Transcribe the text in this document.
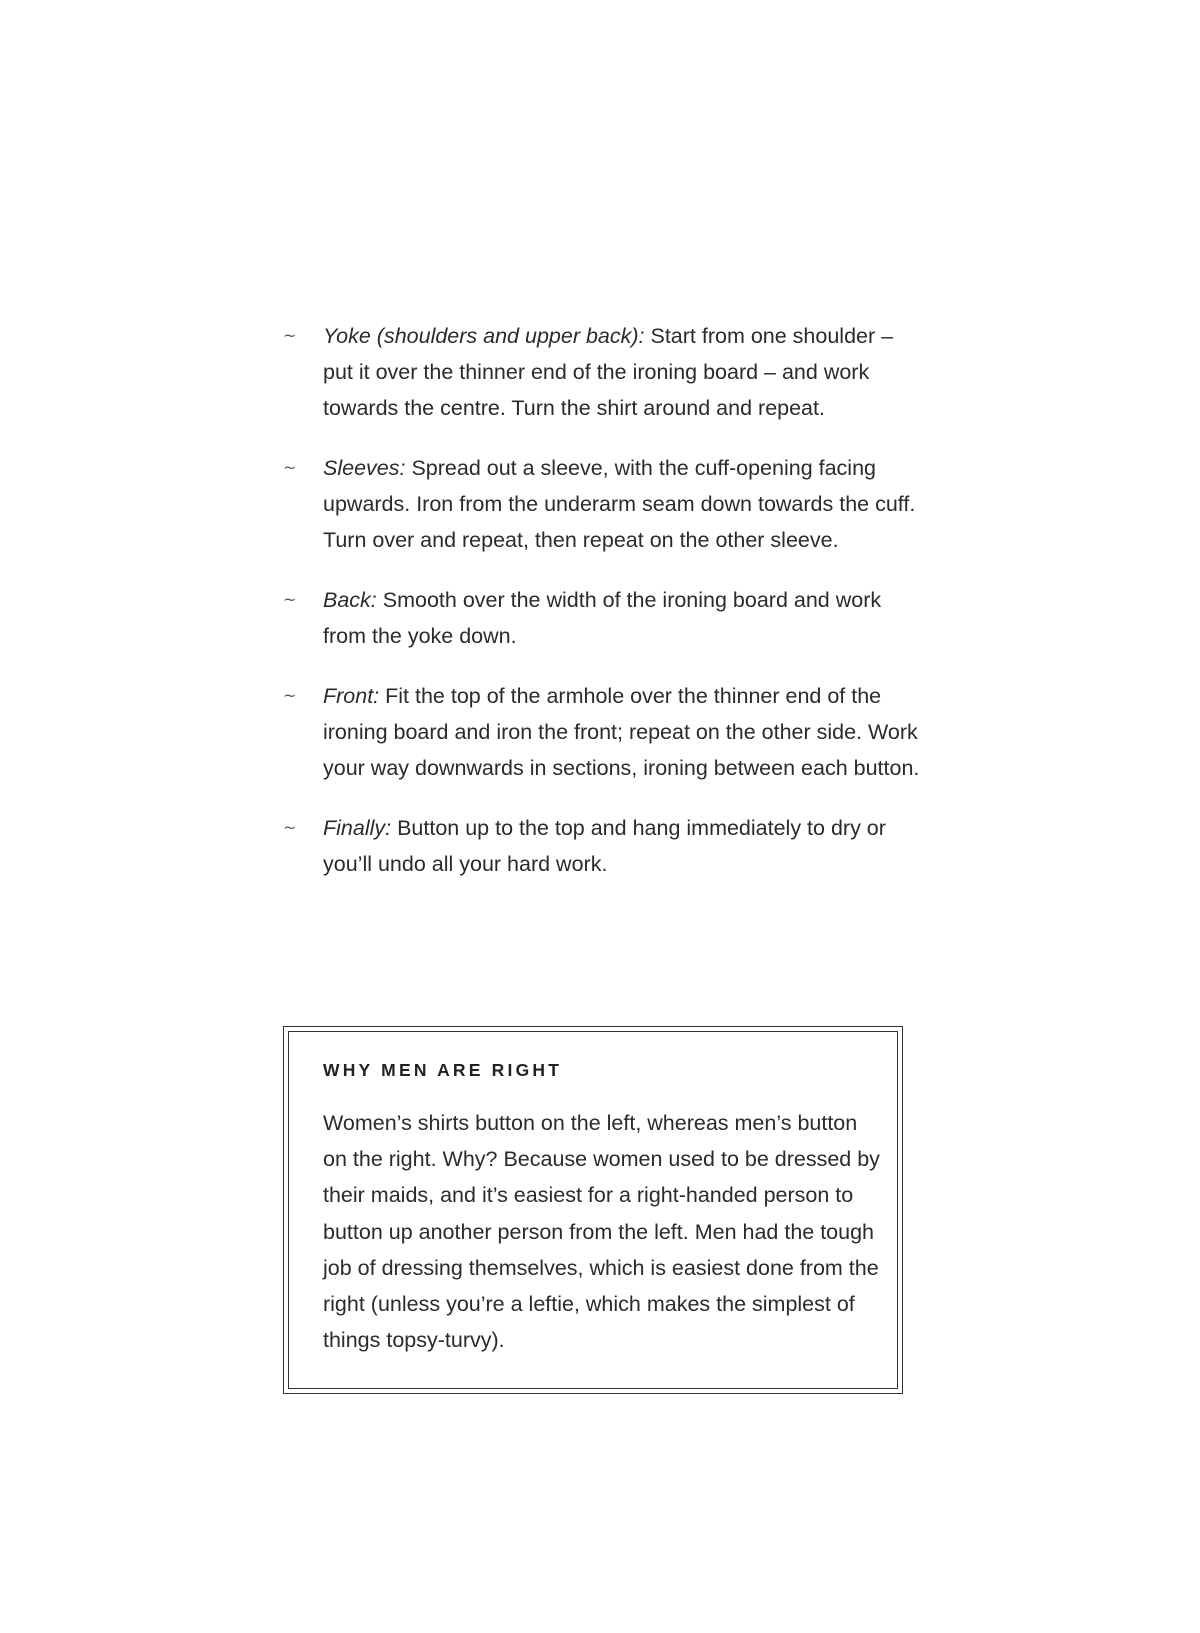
~ Yoke (shoulders and upper back): Start from one shoulder – put it over the thinner end of the ironing board – and work towards the centre. Turn the shirt around and repeat.
~ Sleeves: Spread out a sleeve, with the cuff-opening facing upwards. Iron from the underarm seam down towards the cuff. Turn over and repeat, then repeat on the other sleeve.
~ Back: Smooth over the width of the ironing board and work from the yoke down.
~ Front: Fit the top of the armhole over the thinner end of the ironing board and iron the front; repeat on the other side. Work your way downwards in sections, ironing between each button.
~ Finally: Button up to the top and hang immediately to dry or you’ll undo all your hard work.
WHY MEN ARE RIGHT

Women’s shirts button on the left, whereas men’s button on the right. Why? Because women used to be dressed by their maids, and it’s easiest for a right-handed person to button up another person from the left. Men had the tough job of dressing themselves, which is easiest done from the right (unless you’re a leftie, which makes the simplest of things topsy-turvy).
